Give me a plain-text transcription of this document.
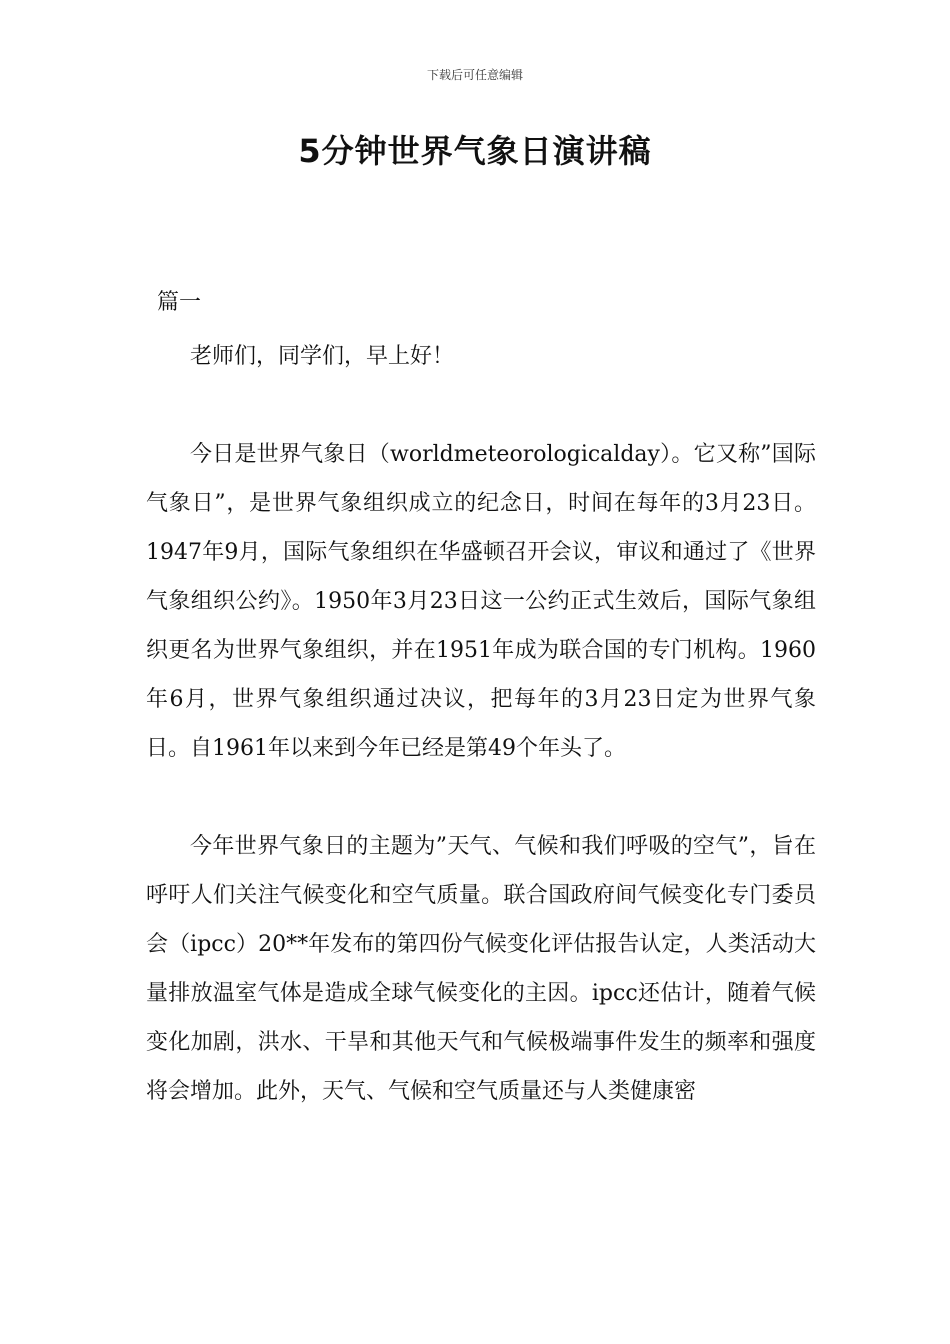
下载后可任意编辑
5分钟世界气象日演讲稿
篇一

老师们，同学们，早上好！

今日是世界气象日（worldmeteorologicalday）。它又称”国际气象日”，是世界气象组织成立的纪念日，时间在每年的3月23日。1947年9月，国际气象组织在华盛顿召开会议，审议和通过了《世界气象组织公约》。1950年3月23日这一公约正式生效后，国际气象组织更名为世界气象组织，并在1951年成为联合国的专门机构。1960年6月，世界气象组织通过决议，把每年的3月23日定为世界气象日。自1961年以来到今年已经是第49个年头了。

今年世界气象日的主题为”天气、气候和我们呼吸的空气”，旨在呼吁人们关注气候变化和空气质量。联合国政府间气候变化专门委员会（ipcc）20**年发布的第四份气候变化评估报告认定，人类活动大量排放温室气体是造成全球气候变化的主因。ipcc还估计，随着气候变化加剧，洪水、干旱和其他天气和气候极端事件发生的频率和强度将会增加。此外，天气、气候和空气质量还与人类健康密
